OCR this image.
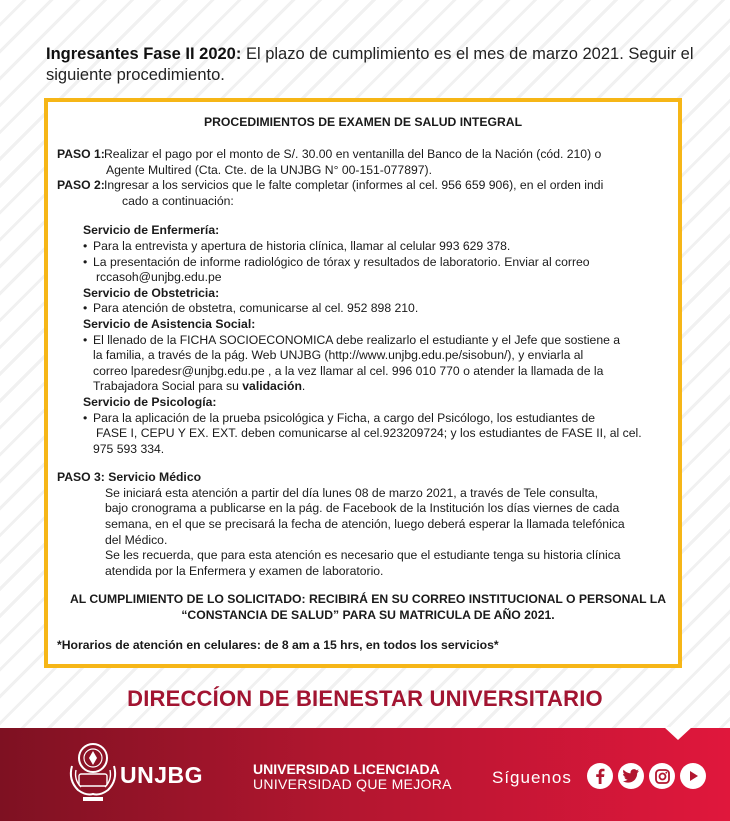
Ingresantes Fase II 2020: El plazo de cumplimiento es el mes de marzo 2021. Seguir el siguiente procedimiento.
PROCEDIMIENTOS DE EXAMEN DE SALUD INTEGRAL
PASO 1: Realizar el pago por el monto de S/. 30.00 en ventanilla del Banco de la Nación (cód. 210) o
Agente Multired (Cta. Cte. de la UNJBG N° 00-151-077897).
PASO 2: Ingresar a los servicios que le falte completar (informes al cel. 956 659 906), en el orden indi
cado a continuación:
Servicio de Enfermería:
• Para la entrevista y apertura de historia clínica, llamar al celular 993 629 378.
• La presentación de informe radiológico de tórax y resultados de laboratorio. Enviar al correo
rccasoh@unjbg.edu.pe
Servicio de Obstetricia:
• Para atención de obstetra, comunicarse al cel. 952 898 210.
Servicio de Asistencia Social:
• El llenado de la FICHA SOCIOECONOMICA debe realizarlo el estudiante y el Jefe que sostiene a
la familia, a través de la pág. Web UNJBG (http://www.unjbg.edu.pe/sisobun/), y enviarla al
correo lparedesr@unjbg.edu.pe , a la vez llamar al cel. 996 010 770 o atender la llamada de la
Trabajadora Social para su validación.
Servicio de Psicología:
• Para la aplicación de la prueba psicológica y Ficha, a cargo del Psicólogo, los estudiantes de
FASE I, CEPU Y EX. EXT. deben comunicarse al cel.923209724; y los estudiantes de FASE II, al cel.
975 593 334.
PASO 3: Servicio Médico
Se iniciará esta atención a partir del día lunes 08 de marzo 2021, a través de Tele consulta,
bajo cronograma a publicarse en la pág. de Facebook de la Institución los días viernes de cada
semana, en el que se precisará la fecha de atención, luego deberá esperar la llamada telefónica
del Médico.
Se les recuerda, que para esta atención es necesario que el estudiante tenga su historia clínica
atendida por la Enfermera y examen de laboratorio.
AL CUMPLIMIENTO DE LO SOLICITADO: RECIBIRÁ EN SU CORREO INSTITUCIONAL O PERSONAL LA
“CONSTANCIA DE SALUD” PARA SU MATRICULA DE AÑO 2021.
*Horarios de atención en celulares: de 8 am a 15 hrs, en todos los servicios*
DIRECCÍON DE BIENESTAR UNIVERSITARIO
UNJBG	UNIVERSIDAD LICENCIADA
UNIVERSIDAD QUE MEJORA Síguenos
